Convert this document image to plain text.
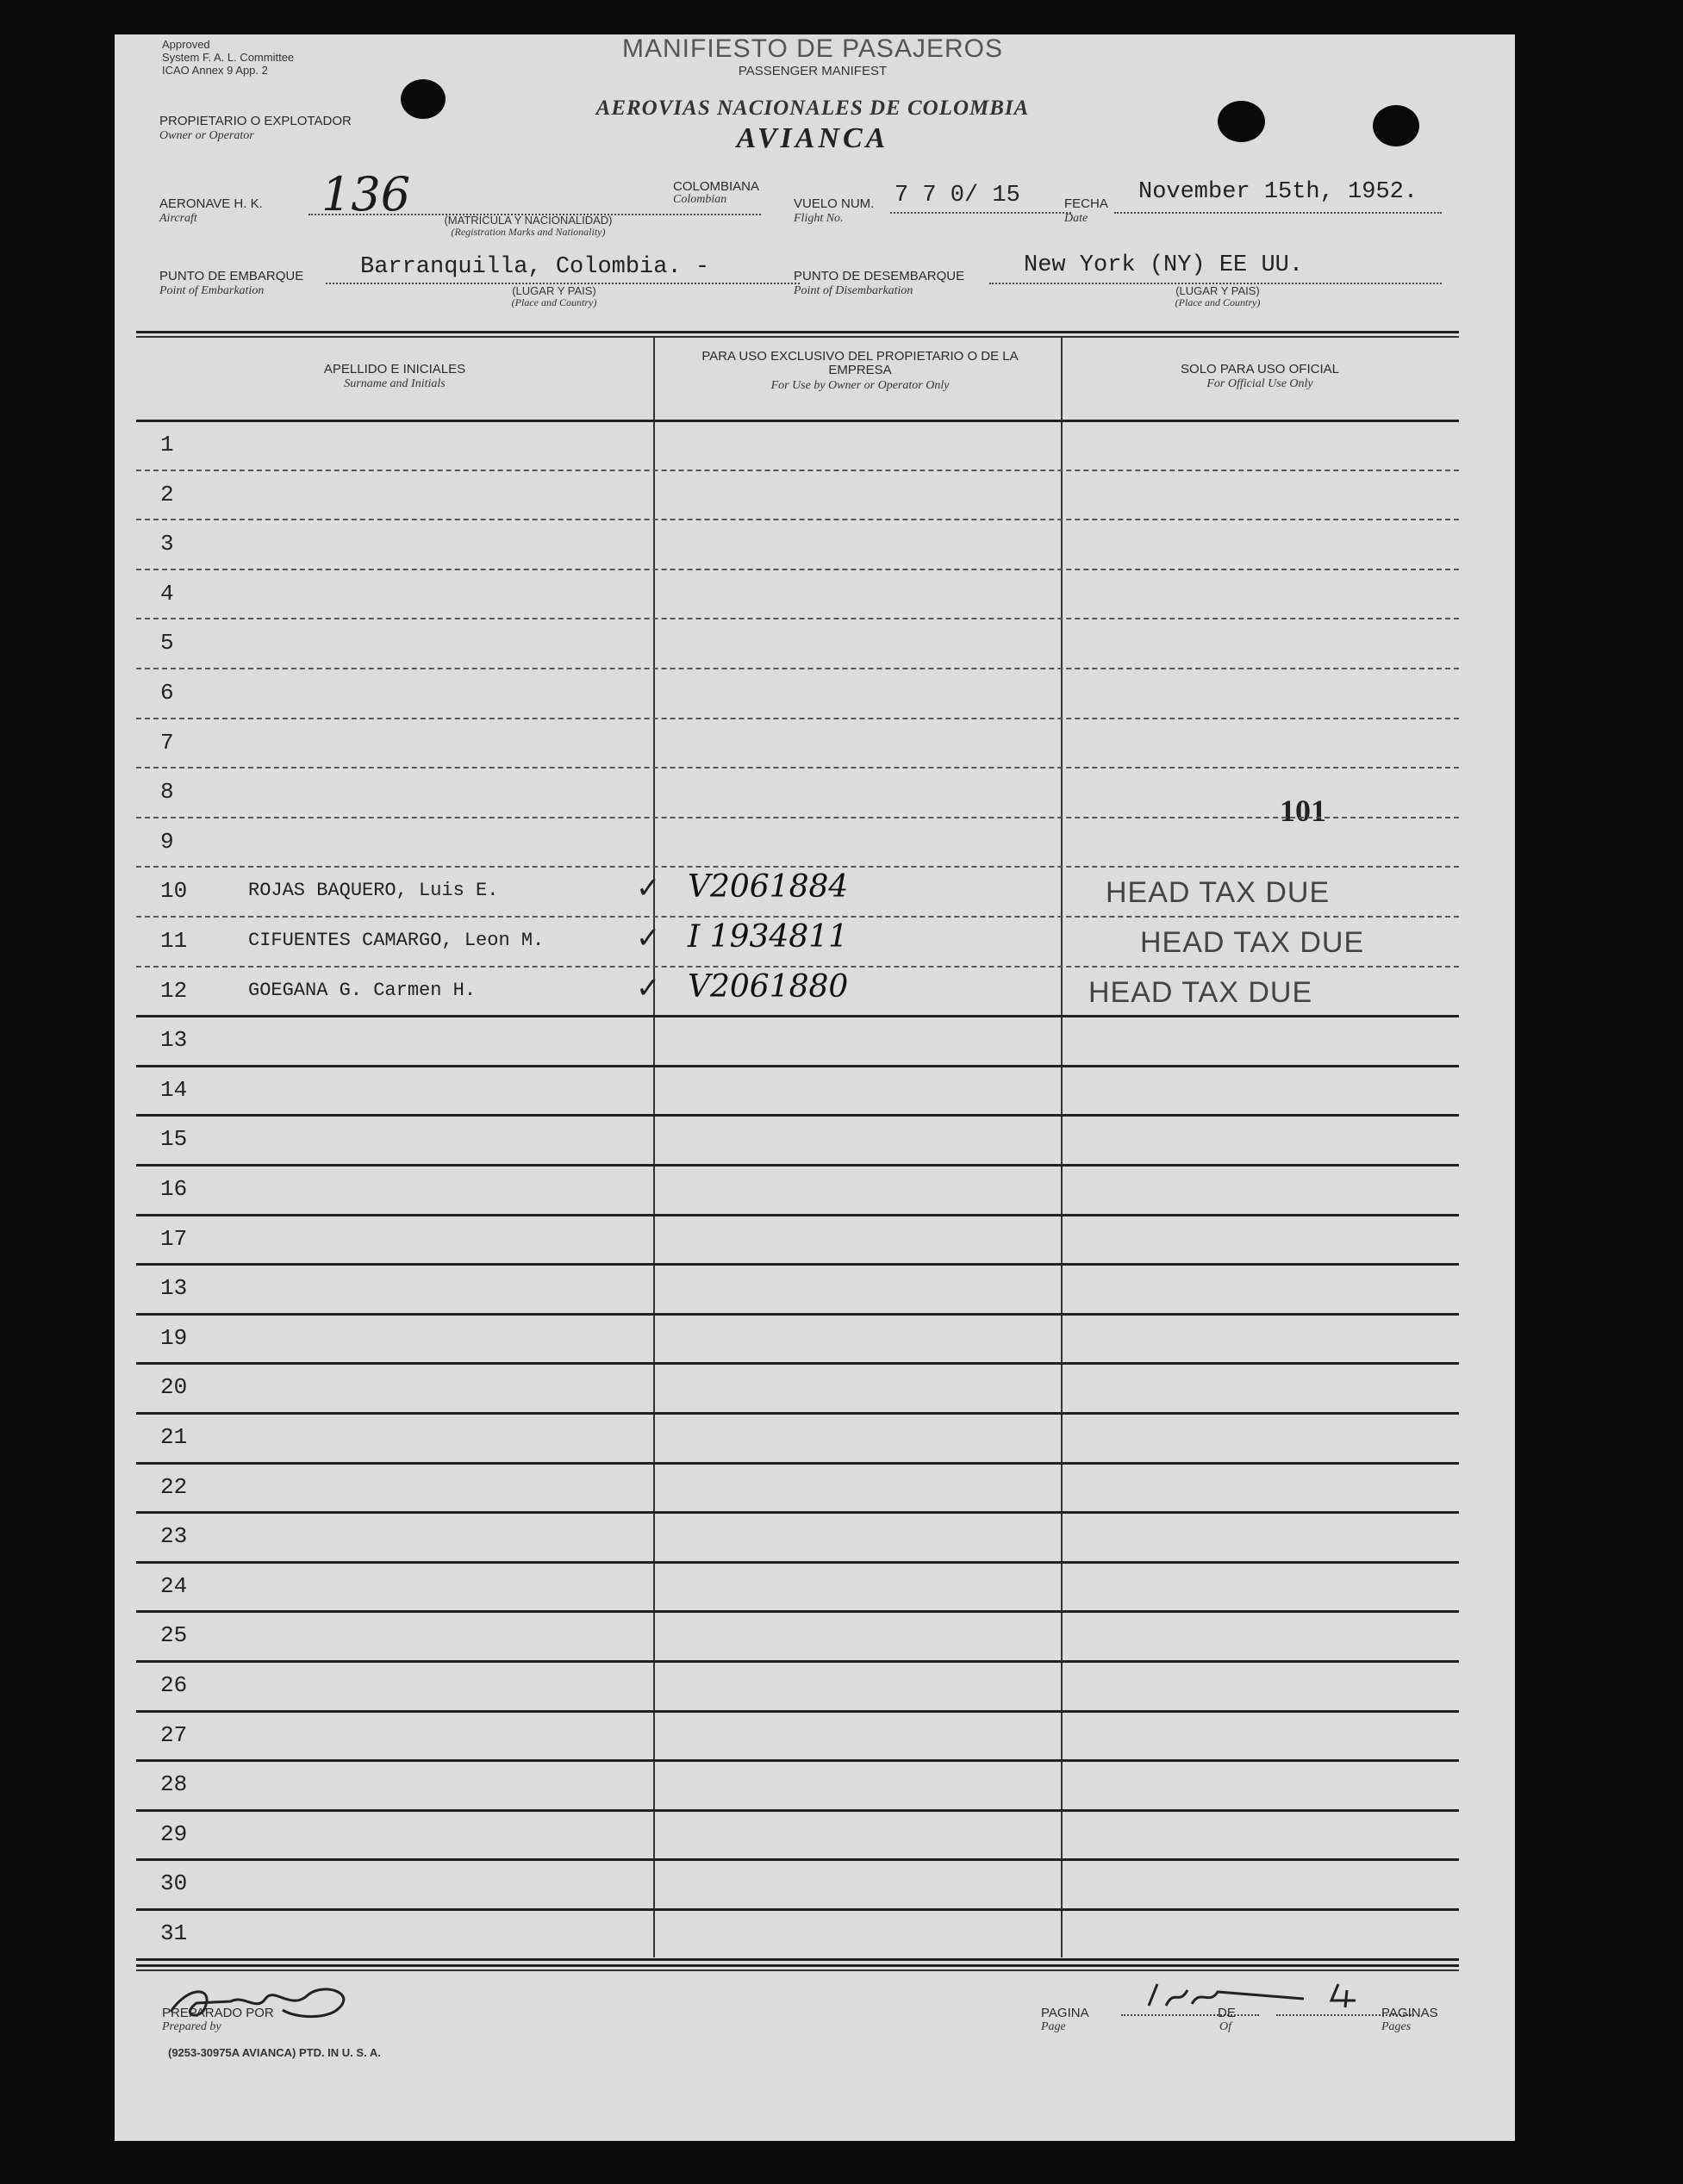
Approved
System F. A. L. Committee
ICAO Annex 9 App. 2
MANIFIESTO DE PASAJEROS
PASSENGER MANIFEST
AEROVIAS NACIONALES DE COLOMBIA
AVIANCA
PROPIETARIO O EXPLOTADOR
Owner or Operator
AERONAVE H. K.
Aircraft	136	(MATRICULA Y NACIONALIDAD)
(Registration Marks and Nationality)
COLOMBIANA
Colombian	VUELO NUM.
Flight No.
7 7 0/ 15	FECHA
Date
November 15th, 1952.
PUNTO DE EMBARQUE
Point of Embarkation
Barranquilla, Colombia. -
(LUGAR Y PAIS)
(Place and Country)
PUNTO DE DESEMBARQUE
Point of Disembarkation
New York (NY) EE UU.
(LUGAR Y PAIS)
(Place and Country)
APELLIDO E INICIALES
Surname and Initials
PARA USO EXCLUSIVO DEL PROPIETARIO O DE LA EMPRESA
For Use by Owner or Operator Only
SOLO PARA USO OFICIAL
For Official Use Only
101
1
2
3
4
5
6
7
8
9
10	ROJAS BAQUERO, Luis E.	✓ V2061884	HEAD TAX DUE
11	CIFUENTES CAMARGO, Leon M.	✓ I 1934811	HEAD TAX DUE
12	GOEGANA G. Carmen H.	✓ V2061880	HEAD TAX DUE
13
14
15
16
17
13
19
20
21
22
23
24
25
26
27
28
29
30
31
PREPARADO POR
Prepared by
(9253-30975A AVIANCA) PTD. IN U. S. A.
PAGINA
Page
DE
Of
PAGINAS
Pages
